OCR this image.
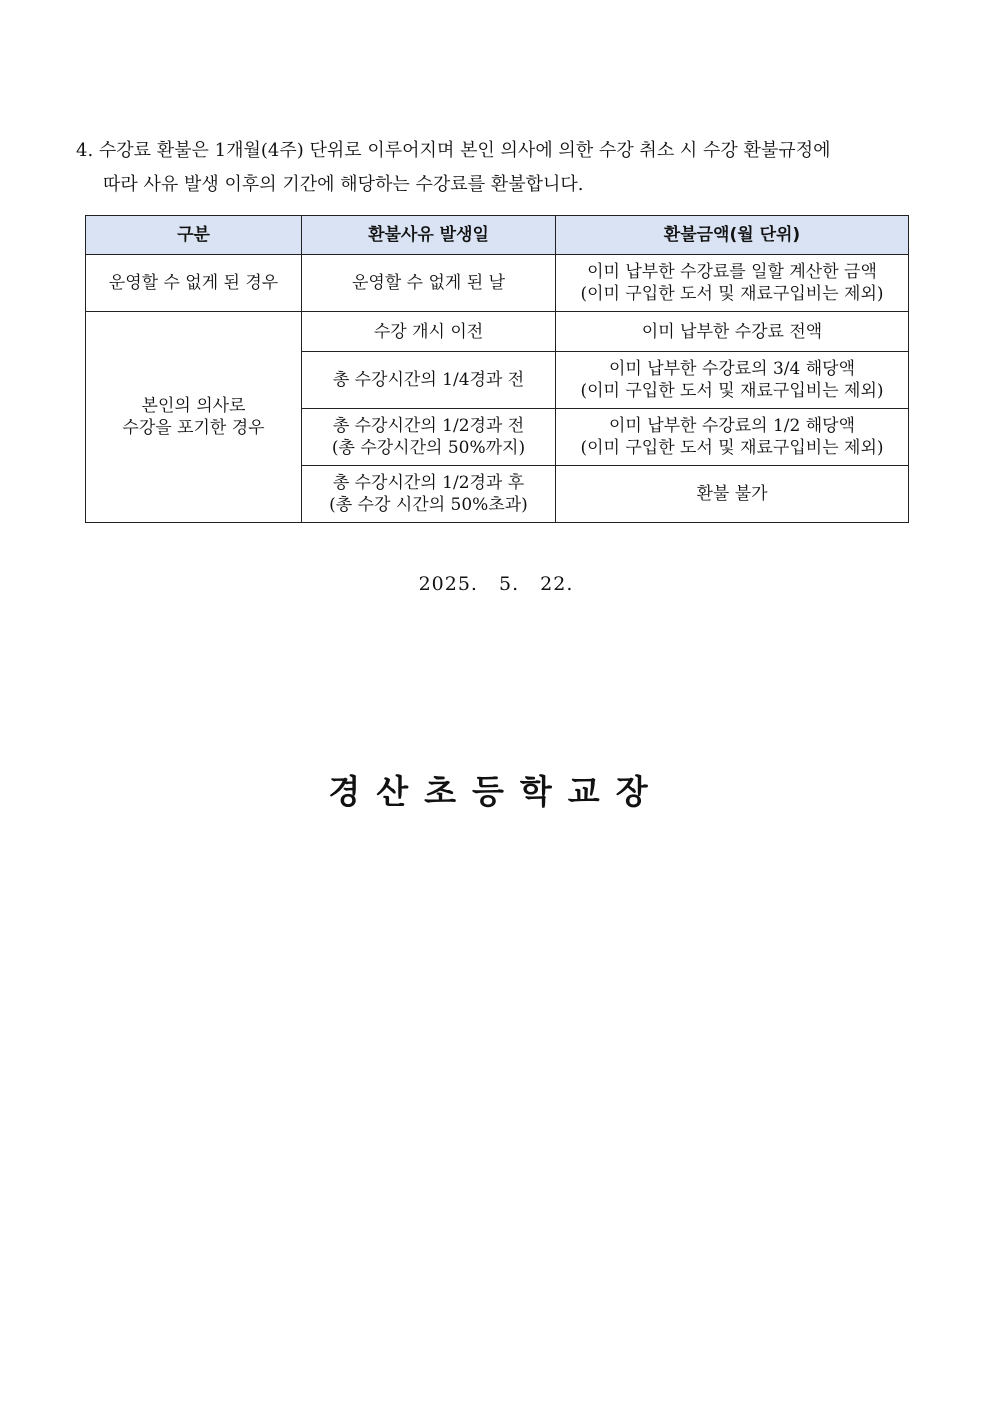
4. 수강료 환불은 1개월(4주) 단위로 이루어지며 본인 의사에 의한 수강 취소 시 수강 환불규정에
따라 사유 발생 이후의 기간에 해당하는 수강료를 환불합니다.
구분	환불사유 발생일	환불금액(월 단위)
운영할 수 없게 된 경우	운영할 수 없게 된 날	이미 납부한 수강료를 일할 계산한 금액
(이미 구입한 도서 및 재료구입비는 제외)

본인의 의사로
수강을 포기한 경우	수강 개시 이전	이미 납부한 수강료 전액
	총 수강시간의 1/4경과 전	이미 납부한 수강료의 3/4 해당액
(이미 구입한 도서 및 재료구입비는 제외)

	총 수강시간의 1/2경과 전
(총 수강시간의 50%까지)	이미 납부한 수강료의 1/2 해당액
(이미 구입한 도서 및 재료구입비는 제외)

	총 수강시간의 1/2경과 후
(총 수강 시간의 50%초과)	환불 불가
2025. 5. 22.
경산초등학교장
